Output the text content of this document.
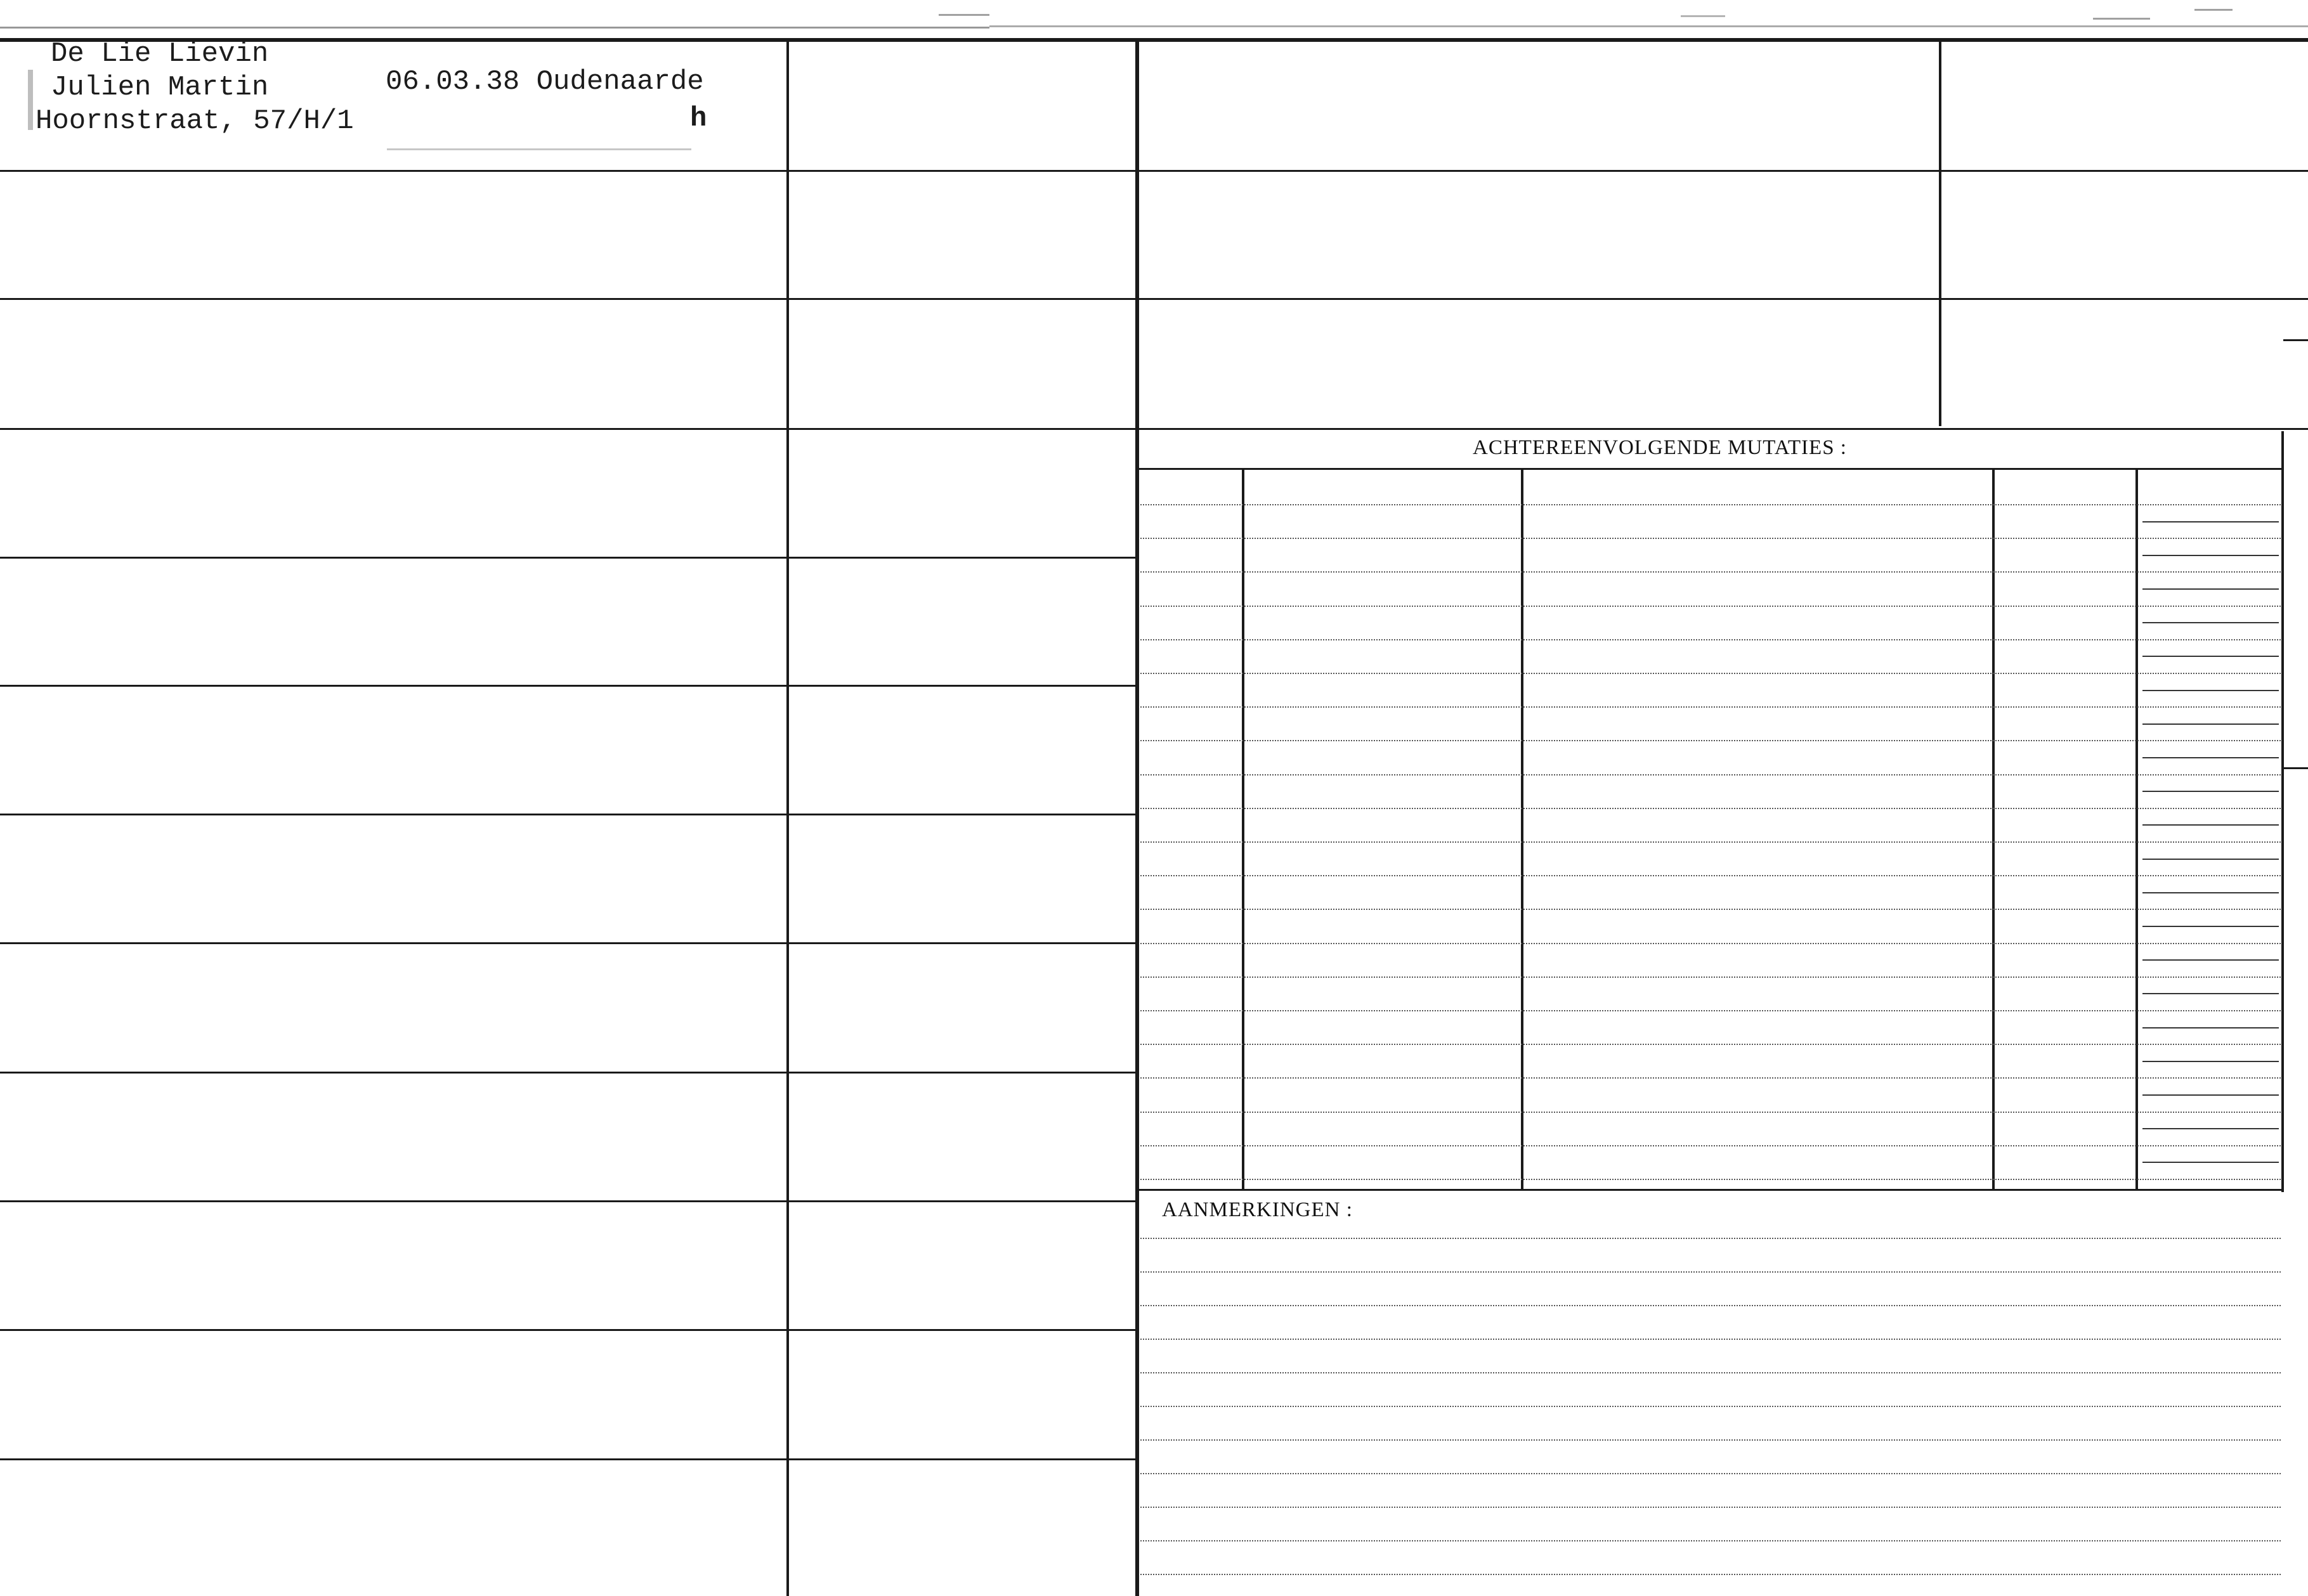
De Lie Lievin
Julien Martin
Hoornstraat, 57/H/1
06.03.38 Oudenaarde
h
ACHTEREENVOLGENDE MUTATIES :
AANMERKINGEN :
